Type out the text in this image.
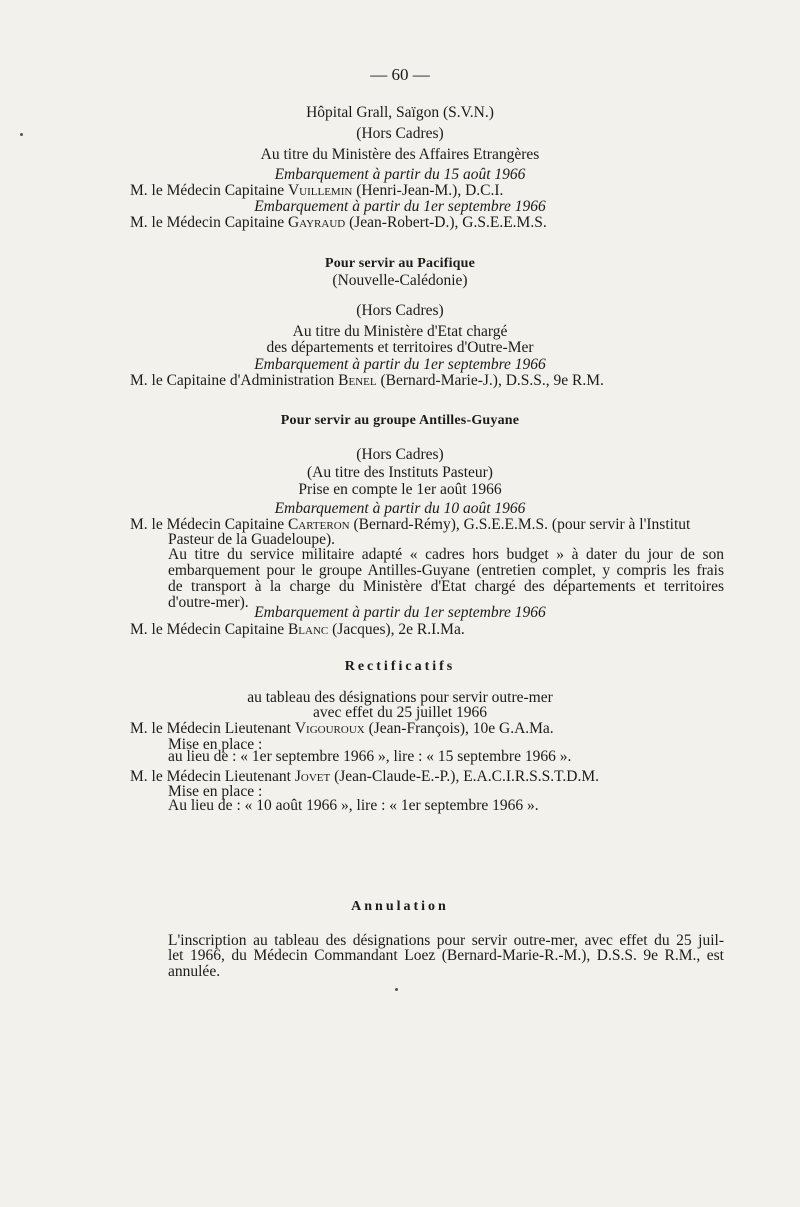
— 60 —
Hôpital Grall, Saïgon (S.V.N.)
(Hors Cadres)
Au titre du Ministère des Affaires Etrangères
Embarquement à partir du 15 août 1966
M. le Médecin Capitaine Vuillemin (Henri-Jean-M.), D.C.I.
Embarquement à partir du 1er septembre 1966
M. le Médecin Capitaine Gayraud (Jean-Robert-D.), G.S.E.E.M.S.
Pour servir au Pacifique
(Nouvelle-Calédonie)
(Hors Cadres)
Au titre du Ministère d'Etat chargé
des départements et territoires d'Outre-Mer
Embarquement à partir du 1er septembre 1966
M. le Capitaine d'Administration Benel (Bernard-Marie-J.), D.S.S., 9e R.M.
Pour servir au groupe Antilles-Guyane
(Hors Cadres)
(Au titre des Instituts Pasteur)
Prise en compte le 1er août 1966
Embarquement à partir du 10 août 1966
M. le Médecin Capitaine Carteron (Bernard-Rémy), G.S.E.E.M.S. (pour servir à l'Institut
Pasteur de la Guadeloupe).
Au titre du service militaire adapté « cadres hors budget » à dater du jour de son
embarquement pour le groupe Antilles-Guyane (entretien complet, y compris les frais
de transport à la charge du Ministère d'Etat chargé des départements et territoires
d'outre-mer).
Embarquement à partir du 1er septembre 1966
M. le Médecin Capitaine Blanc (Jacques), 2e R.I.Ma.
Rectificatifs
au tableau des désignations pour servir outre-mer
avec effet du 25 juillet 1966
M. le Médecin Lieutenant Vigouroux (Jean-François), 10e G.A.Ma.
Mise en place :
au lieu de : « 1er septembre 1966 », lire : « 15 septembre 1966 ».
M. le Médecin Lieutenant Jovet (Jean-Claude-E.-P.), E.A.C.I.R.S.S.T.D.M.
Mise en place :
Au lieu de : « 10 août 1966 », lire : « 1er septembre 1966 ».
Annulation
L'inscription au tableau des désignations pour servir outre-mer, avec effet du 25 juil-
let 1966, du Médecin Commandant Loez (Bernard-Marie-R.-M.), D.S.S. 9e R.M., est
annulée.
